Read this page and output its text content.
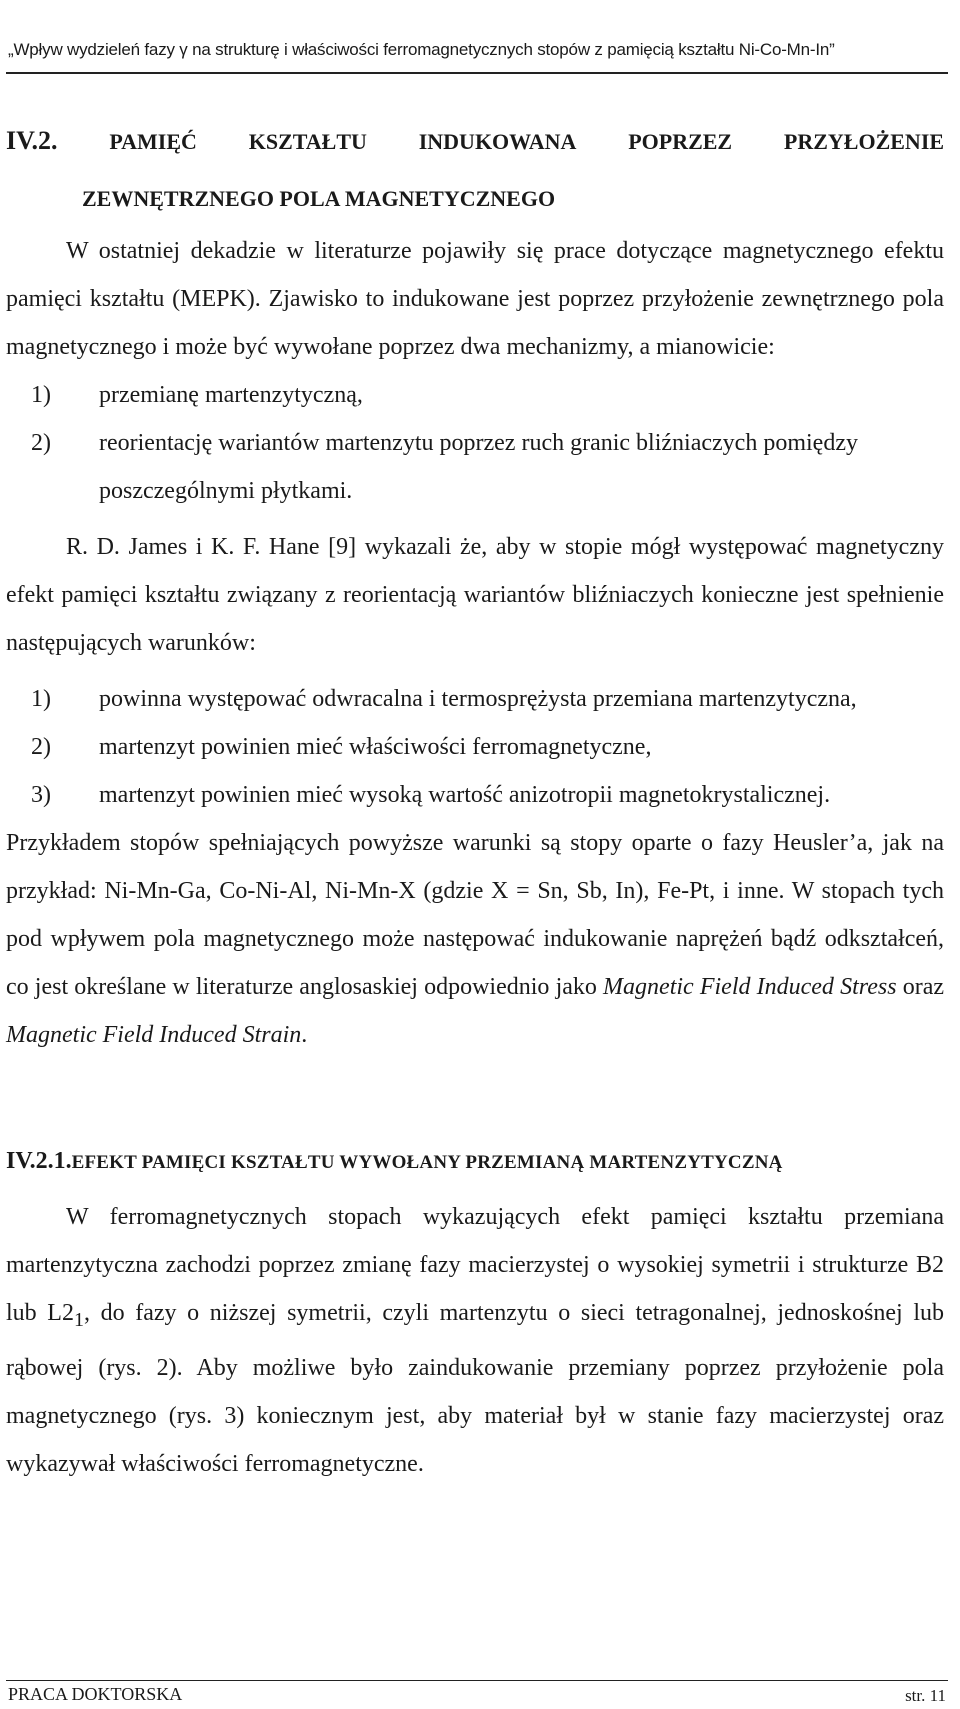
„Wpływ wydzieleń fazy γ na strukturę i właściwości ferromagnetycznych stopów z pamięcią kształtu Ni-Co-Mn-In”
IV.2. PAMIĘĆ KSZTAŁTU INDUKOWANA POPRZEZ PRZYŁOŻENIE
ZEWNĘTRZNEGO POLA MAGNETYCZNEGO

W ostatniej dekadzie w literaturze pojawiły się prace dotyczące magnetycznego efektu pamięci kształtu (MEPK). Zjawisko to indukowane jest poprzez przyłożenie zewnętrznego pola magnetycznego i może być wywołane poprzez dwa mechanizmy, a mianowicie:

1) przemianę martenzytyczną,
2) reorientację wariantów martenzytu poprzez ruch granic bliźniaczych pomiędzy poszczególnymi płytkami.

R. D. James i K. F. Hane [9] wykazali że, aby w stopie mógł występować magnetyczny efekt pamięci kształtu związany z reorientacją wariantów bliźniaczych konieczne jest spełnienie następujących warunków:

1) powinna występować odwracalna i termosprężysta przemiana martenzytyczna,
2) martenzyt powinien mieć właściwości ferromagnetyczne,
3) martenzyt powinien mieć wysoką wartość anizotropii magnetokrystalicznej.

Przykładem stopów spełniających powyższe warunki są stopy oparte o fazy Heusler’a, jak na przykład: Ni-Mn-Ga, Co-Ni-Al, Ni-Mn-X (gdzie X = Sn, Sb, In), Fe-Pt, i inne. W stopach tych pod wpływem pola magnetycznego może następować indukowanie naprężeń bądź odkształceń, co jest określane w literaturze anglosaskiej odpowiednio jako Magnetic Field Induced Stress oraz Magnetic Field Induced Strain.

IV.2.1.EFEKT PAMIĘCI KSZTAŁTU WYWOŁANY PRZEMIANĄ MARTENZYTYCZNĄ

W ferromagnetycznych stopach wykazujących efekt pamięci kształtu przemiana martenzytyczna zachodzi poprzez zmianę fazy macierzystej o wysokiej symetrii i strukturze B2 lub $L2_1$, do fazy o niższej symetrii, czyli martenzytu o sieci tetragonalnej, jednoskośnej lub rąbowej (rys. 2). Aby możliwe było zaindukowanie przemiany poprzez przyłożenie pola magnetycznego (rys. 3) koniecznym jest, aby materiał był w stanie fazy macierzystej oraz wykazywał właściwości ferromagnetyczne.

PRACA DOKTORSKA	str. 11
